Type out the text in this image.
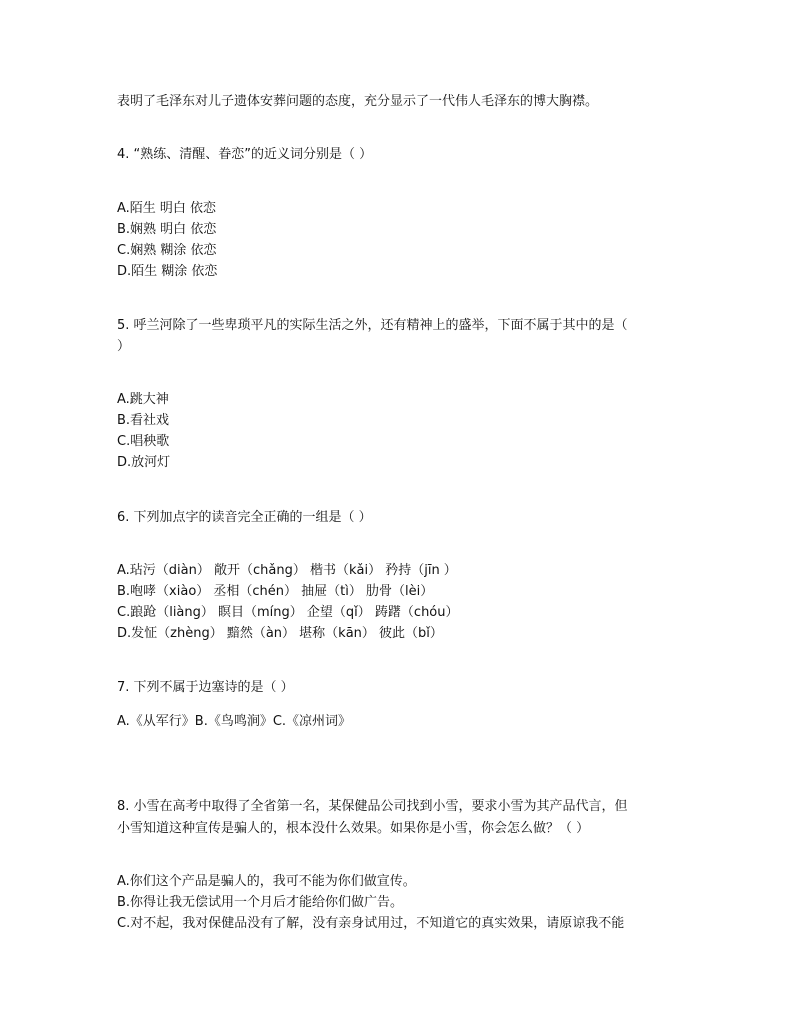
表明了毛泽东对儿子遗体安葬问题的态度，充分显示了一代伟人毛泽东的博大胸襟。
4. “熟练、清醒、眷恋”的近义词分别是（ ）
A.陌生 明白 依恋
B.娴熟 明白 依恋
C.娴熟 糊涂 依恋
D.陌生 糊涂 依恋
5. 呼兰河除了一些卑琐平凡的实际生活之外，还有精神上的盛举，下面不属于其中的是（
）
A.跳大神
B.看社戏
C.唱秧歌
D.放河灯
6. 下列加点字的读音完全正确的一组是（ ）
A.玷污（diàn） 敞开（chǎng） 楷书（kǎi） 矜持（jīn ）
B.咆哮（xiào） 丞相（chén） 抽屉（tì） 肋骨（lèi）
C.踉跄（liàng） 瞑目（míng） 企望（qǐ） 踌躇（chóu）
D.发怔（zhèng） 黯然（àn） 堪称（kān） 彼此（bǐ）
7. 下列不属于边塞诗的是（ ）
A.《从军行》B.《鸟鸣涧》C.《凉州词》
8. 小雪在高考中取得了全省第一名，某保健品公司找到小雪，要求小雪为其产品代言，但
小雪知道这种宣传是骗人的，根本没什么效果。如果你是小雪，你会怎么做？（ ）
A.你们这个产品是骗人的，我可不能为你们做宣传。
B.你得让我无偿试用一个月后才能给你们做广告。
C.对不起，我对保健品没有了解，没有亲身试用过，不知道它的真实效果，请原谅我不能
